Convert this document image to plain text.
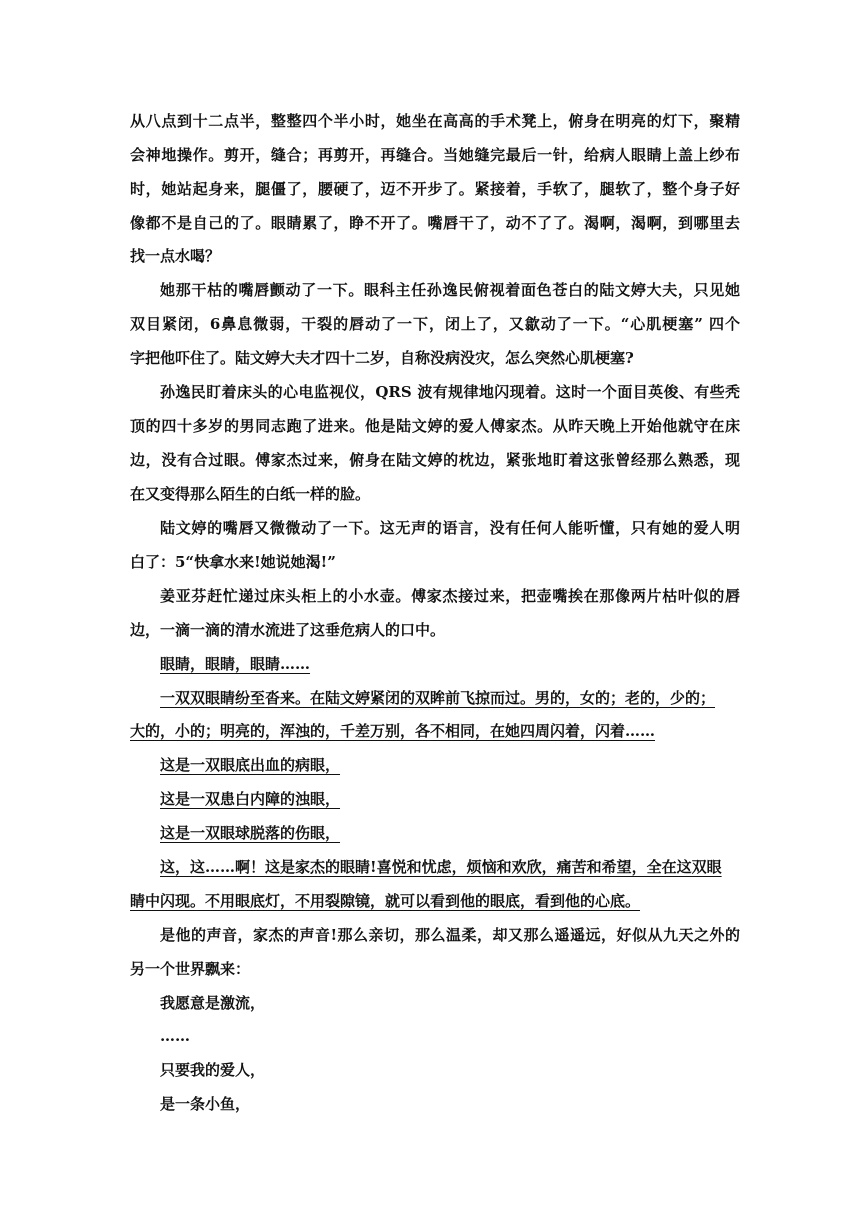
从八点到十二点半，整整四个半小时，她坐在高高的手术凳上，俯身在明亮的灯下，聚精
会神地操作。剪开，缝合；再剪开，再缝合。当她缝完最后一针，给病人眼睛上盖上纱布
时，她站起身来，腿僵了，腰硬了，迈不开步了。紧接着，手软了，腿软了，整个身子好
像都不是自己的了。眼睛累了，睁不开了。嘴唇干了，动不了了。渴啊，渴啊，到哪里去
找一点水喝？
她那干枯的嘴唇颤动了一下。眼科主任孙逸民俯视着面色苍白的陆文婷大夫，只见她
双目紧闭，6鼻息微弱，干裂的唇动了一下，闭上了，又歙动了一下。“心肌梗塞” 四个
字把他吓住了。陆文婷大夫才四十二岁，自称没病没灾，怎么突然心肌梗塞?
孙逸民盯着床头的心电监视仪，QRS 波有规律地闪现着。这时一个面目英俊、有些秃
顶的四十多岁的男同志跑了进来。他是陆文婷的爱人傅家杰。从昨天晚上开始他就守在床
边，没有合过眼。傅家杰过来，俯身在陆文婷的枕边，紧张地盯着这张曾经那么熟悉，现
在又变得那么陌生的白纸一样的脸。
陆文婷的嘴唇又微微动了一下。这无声的语言，没有任何人能听懂，只有她的爱人明
白了：5“快拿水来!她说她渴!”
姜亚芬赶忙递过床头柜上的小水壶。傅家杰接过来，把壶嘴挨在那像两片枯叶似的唇
边，一滴一滴的清水流进了这垂危病人的口中。
眼睛，眼睛，眼睛……
一双双眼睛纷至沓来。在陆文婷紧闭的双眸前飞掠而过。男的，女的；老的，少的；
大的，小的；明亮的，浑浊的，千差万别，各不相同，在她四周闪着，闪着……
这是一双眼底出血的病眼，
这是一双患白内障的浊眼，
这是一双眼球脱落的伤眼，
这，这……啊！这是家杰的眼睛!喜悦和忧虑，烦恼和欢欣，痛苦和希望，全在这双眼
睛中闪现。不用眼底灯，不用裂隙镜，就可以看到他的眼底，看到他的心底。
是他的声音，家杰的声音!那么亲切，那么温柔，却又那么遥遥远，好似从九天之外的
另一个世界飘来：
我愿意是激流，
……
只要我的爱人，
是一条小鱼，
